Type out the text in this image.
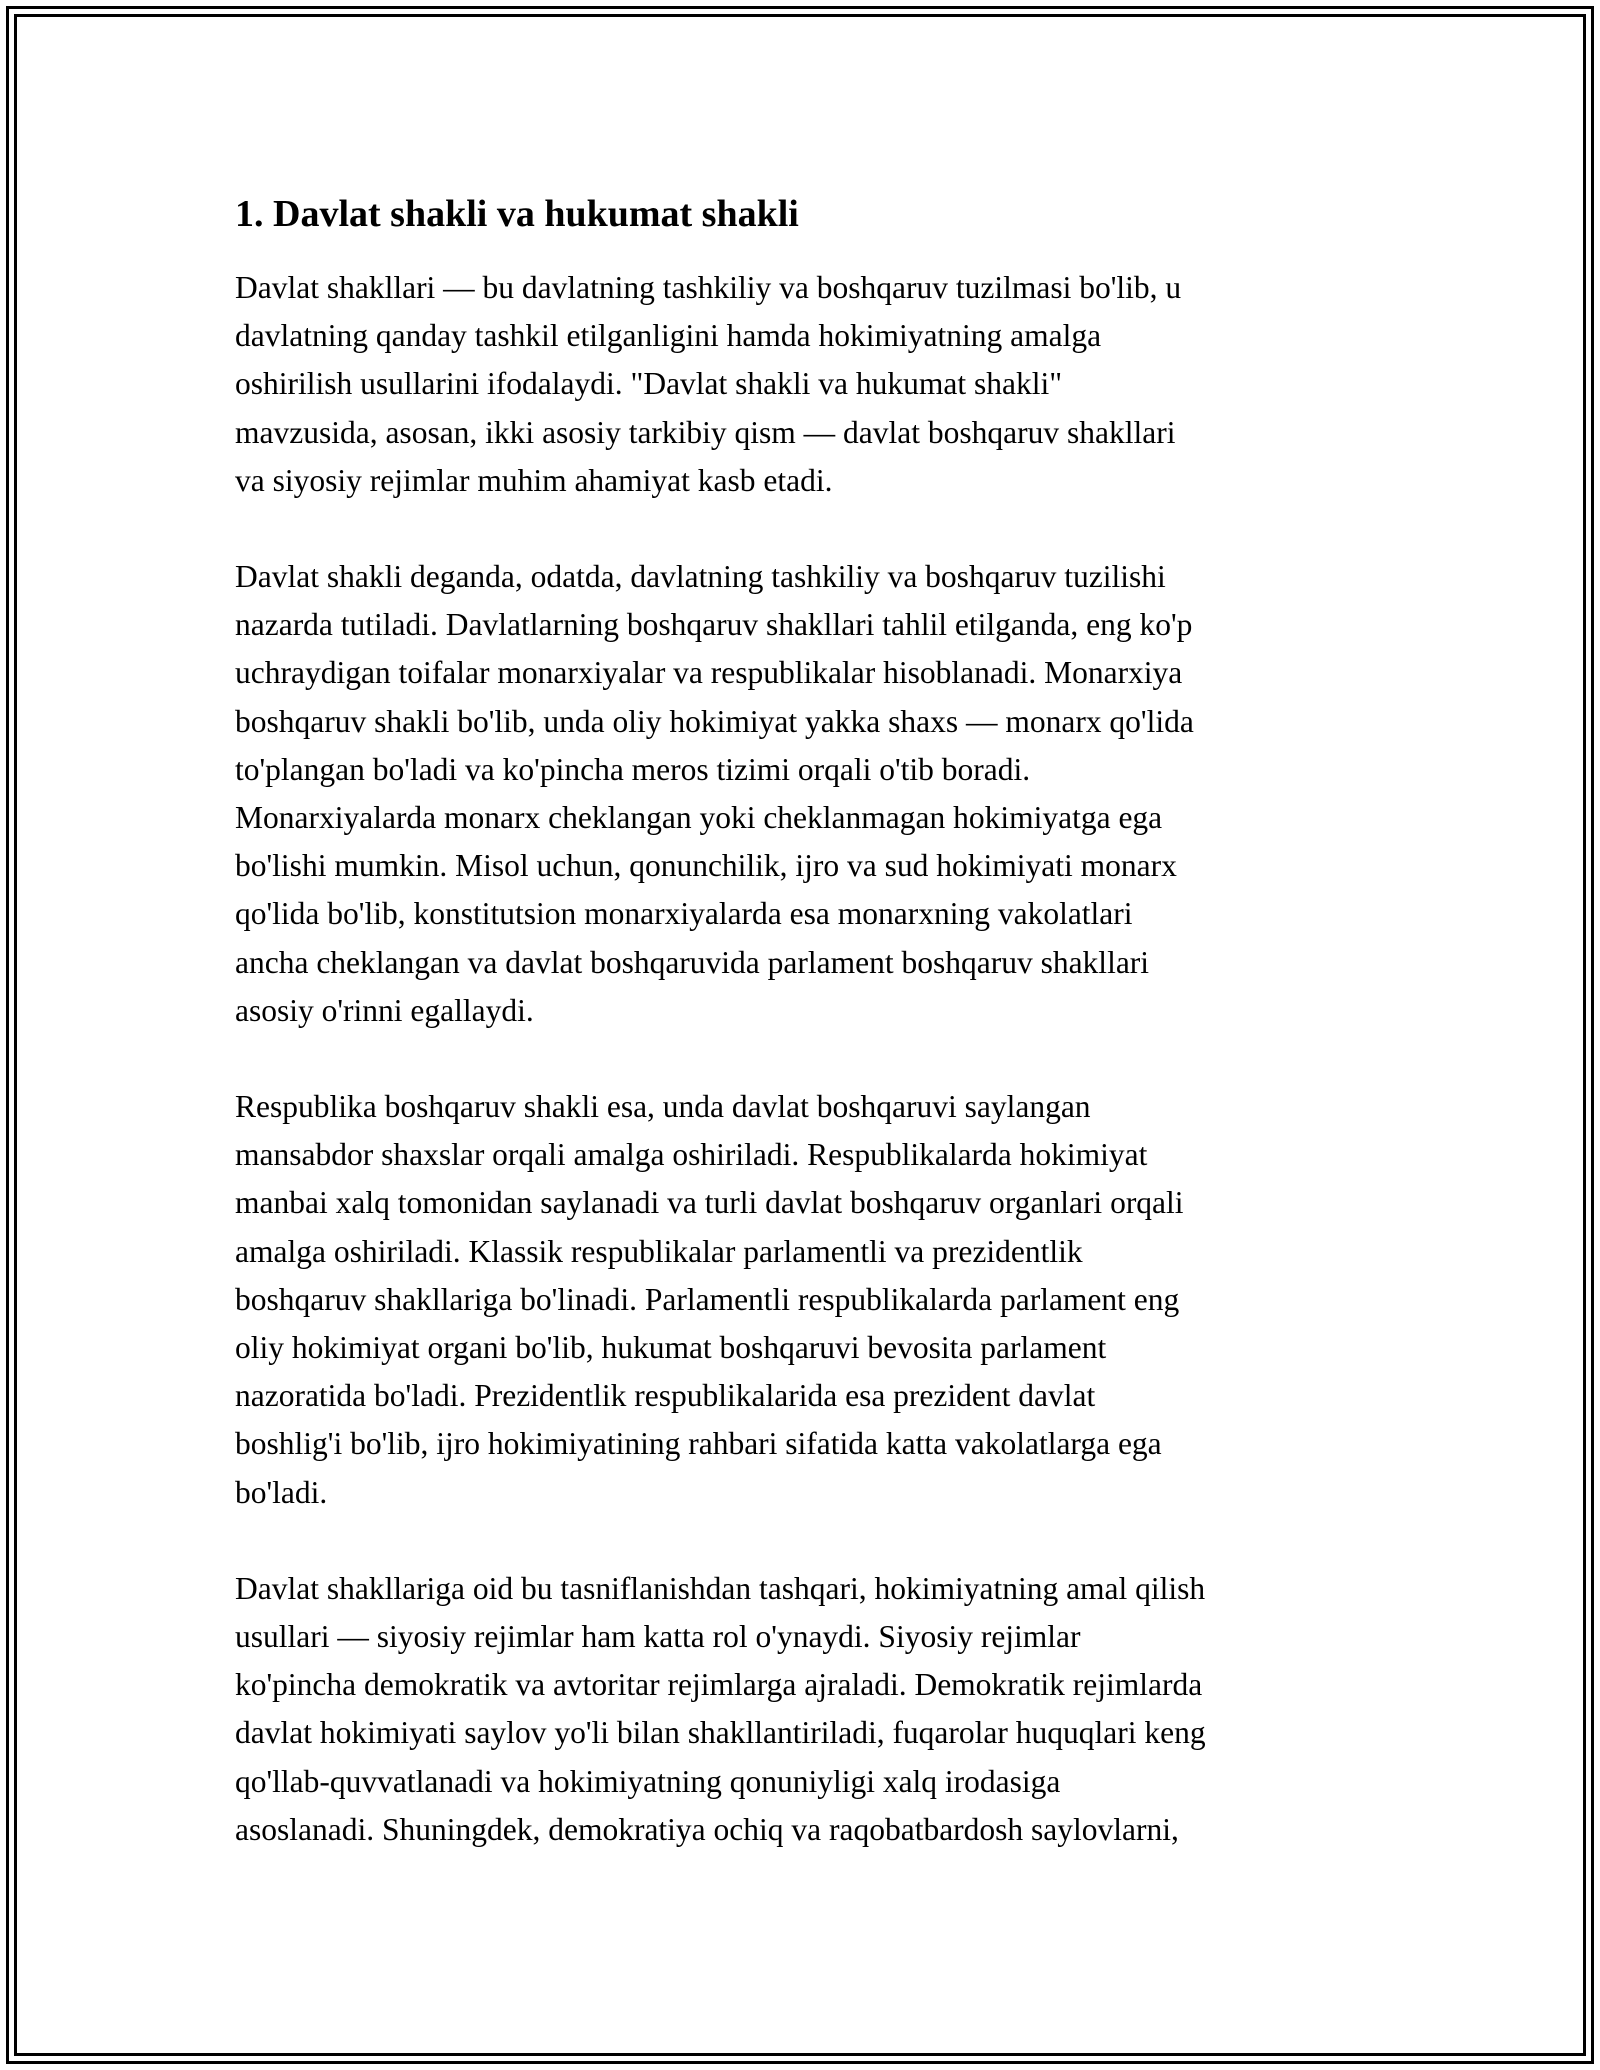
1. Davlat shakli va hukumat shakli

Davlat shakllari — bu davlatning tashkiliy va boshqaruv tuzilmasi bo'lib, u
davlatning qanday tashkil etilganligini hamda hokimiyatning amalga
oshirilish usullarini ifodalaydi. "Davlat shakli va hukumat shakli"
mavzusida, asosan, ikki asosiy tarkibiy qism — davlat boshqaruv shakllari
va siyosiy rejimlar muhim ahamiyat kasb etadi.

Davlat shakli deganda, odatda, davlatning tashkiliy va boshqaruv tuzilishi
nazarda tutiladi. Davlatlarning boshqaruv shakllari tahlil etilganda, eng ko'p
uchraydigan toifalar monarxiyalar va respublikalar hisoblanadi. Monarxiya
boshqaruv shakli bo'lib, unda oliy hokimiyat yakka shaxs — monarx qo'lida
to'plangan bo'ladi va ko'pincha meros tizimi orqali o'tib boradi.
Monarxiyalarda monarx cheklangan yoki cheklanmagan hokimiyatga ega
bo'lishi mumkin. Misol uchun, qonunchilik, ijro va sud hokimiyati monarx
qo'lida bo'lib, konstitutsion monarxiyalarda esa monarxning vakolatlari
ancha cheklangan va davlat boshqaruvida parlament boshqaruv shakllari
asosiy o'rinni egallaydi.

Respublika boshqaruv shakli esa, unda davlat boshqaruvi saylangan
mansabdor shaxslar orqali amalga oshiriladi. Respublikalarda hokimiyat
manbai xalq tomonidan saylanadi va turli davlat boshqaruv organlari orqali
amalga oshiriladi. Klassik respublikalar parlamentli va prezidentlik
boshqaruv shakllariga bo'linadi. Parlamentli respublikalarda parlament eng
oliy hokimiyat organi bo'lib, hukumat boshqaruvi bevosita parlament
nazoratida bo'ladi. Prezidentlik respublikalarida esa prezident davlat
boshlig'i bo'lib, ijro hokimiyatining rahbari sifatida katta vakolatlarga ega
bo'ladi.

Davlat shakllariga oid bu tasniflanishdan tashqari, hokimiyatning amal qilish
usullari — siyosiy rejimlar ham katta rol o'ynaydi. Siyosiy rejimlar
ko'pincha demokratik va avtoritar rejimlarga ajraladi. Demokratik rejimlarda
davlat hokimiyati saylov yo'li bilan shakllantiriladi, fuqarolar huquqlari keng
qo'llab-quvvatlanadi va hokimiyatning qonuniyligi xalq irodasiga
asoslanadi. Shuningdek, demokratiya ochiq va raqobatbardosh saylovlarni,
